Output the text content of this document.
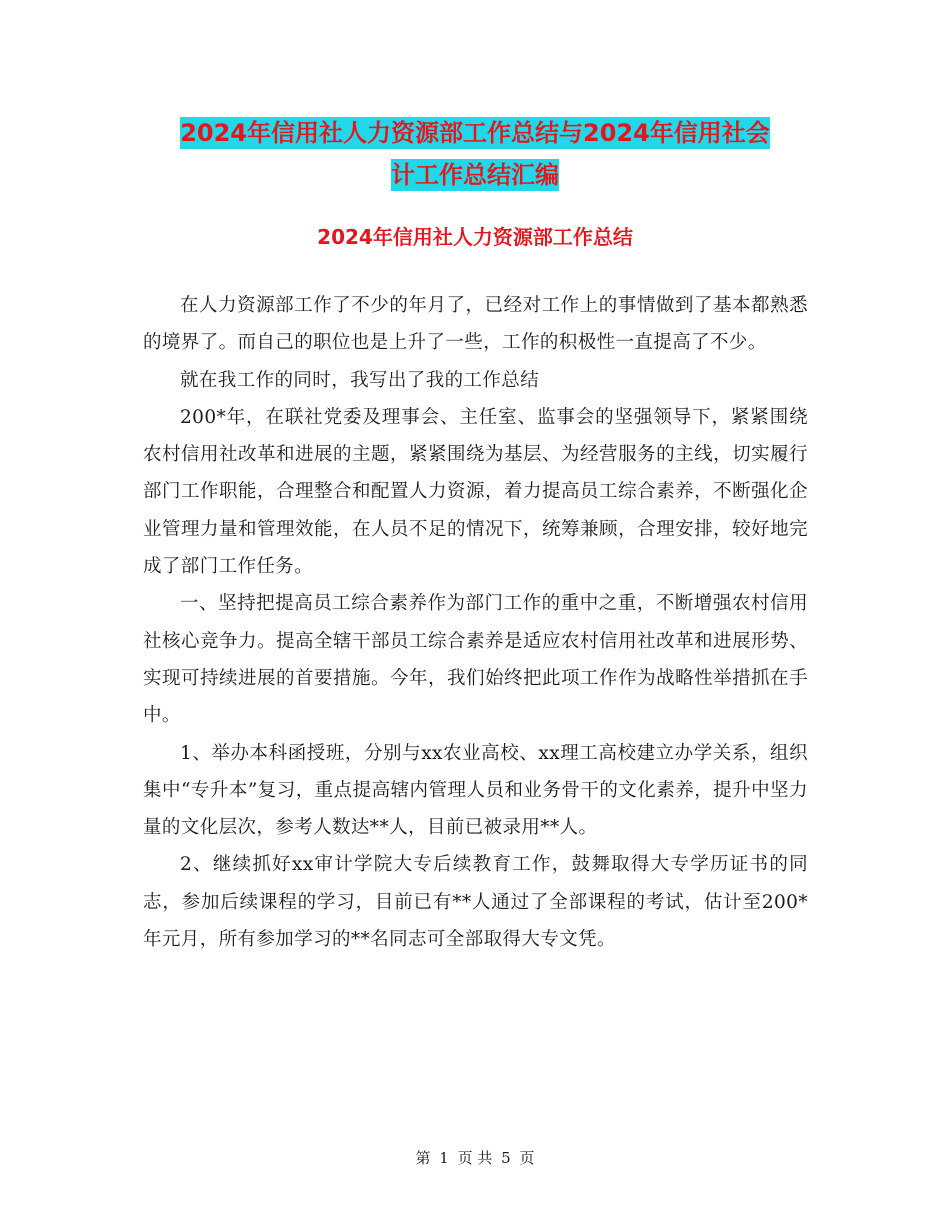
2024年信用社人力资源部工作总结与2024年信用社会
计工作总结汇编
2024年信用社人力资源部工作总结

在人力资源部工作了不少的年月了，已经对工作上的事情做到了基本都熟悉的境界了。而自己的职位也是上升了一些，工作的积极性一直提高了不少。

就在我工作的同时，我写出了我的工作总结

200*年，在联社党委及理事会、主任室、监事会的坚强领导下，紧紧围绕农村信用社改革和进展的主题，紧紧围绕为基层、为经营服务的主线，切实履行部门工作职能，合理整合和配置人力资源，着力提高员工综合素养，不断强化企业管理力量和管理效能，在人员不足的情况下，统筹兼顾，合理安排，较好地完成了部门工作任务。

一、坚持把提高员工综合素养作为部门工作的重中之重，不断增强农村信用社核心竞争力。提高全辖干部员工综合素养是适应农村信用社改革和进展形势、实现可持续进展的首要措施。今年，我们始终把此项工作作为战略性举措抓在手中。

1、举办本科函授班，分别与xx农业高校、xx理工高校建立办学关系，组织集中“专升本”复习，重点提高辖内管理人员和业务骨干的文化素养，提升中坚力量的文化层次，参考人数达**人，目前已被录用**人。

2、继续抓好xx审计学院大专后续教育工作，鼓舞取得大专学历证书的同志，参加后续课程的学习，目前已有**人通过了全部课程的考试，估计至200*年元月，所有参加学习的**名同志可全部取得大专文凭。

第 1 页 共 5 页
